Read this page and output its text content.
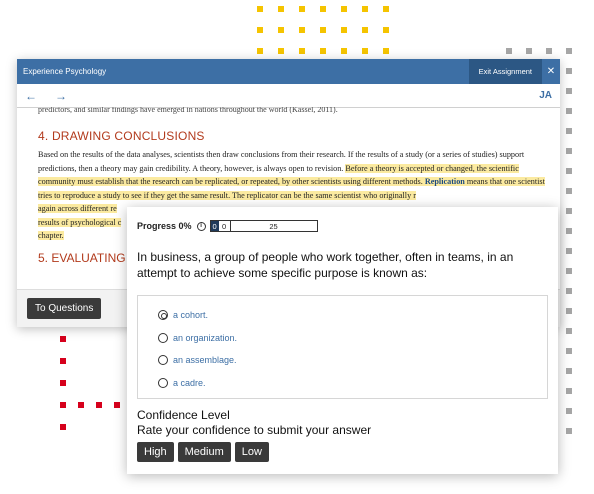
Experience Psychology	Exit Assignment	✕
← →	JA
predictors, and similar findings have emerged in nations throughout the world (Kassel, 2011).
4. DRAWING CONCLUSIONS
Based on the results of the data analyses, scientists then draw conclusions from their research. If the results of a study (or a series of studies) support predictions, then a theory may gain credibility. A theory, however, is always open to revision. Before a theory is accepted or changed, the scientific community must establish that the research can be replicated, or repeated, by other scientists using different methods. Replication means that one scientist tries to reproduce a study to see if they get the same result. The replicator can be the same scientist who originally r
again across different re
results of psychological c
chapter.
5. EVALUATING
To Questions
Progress 0%	i	0 0	25
In business, a group of people who work together, often in teams, in an attempt to achieve some specific purpose is known as:
a cohort.
an organization.
an assemblage.
a cadre.
Confidence Level
Rate your confidence to submit your answer
High	Medium	Low
